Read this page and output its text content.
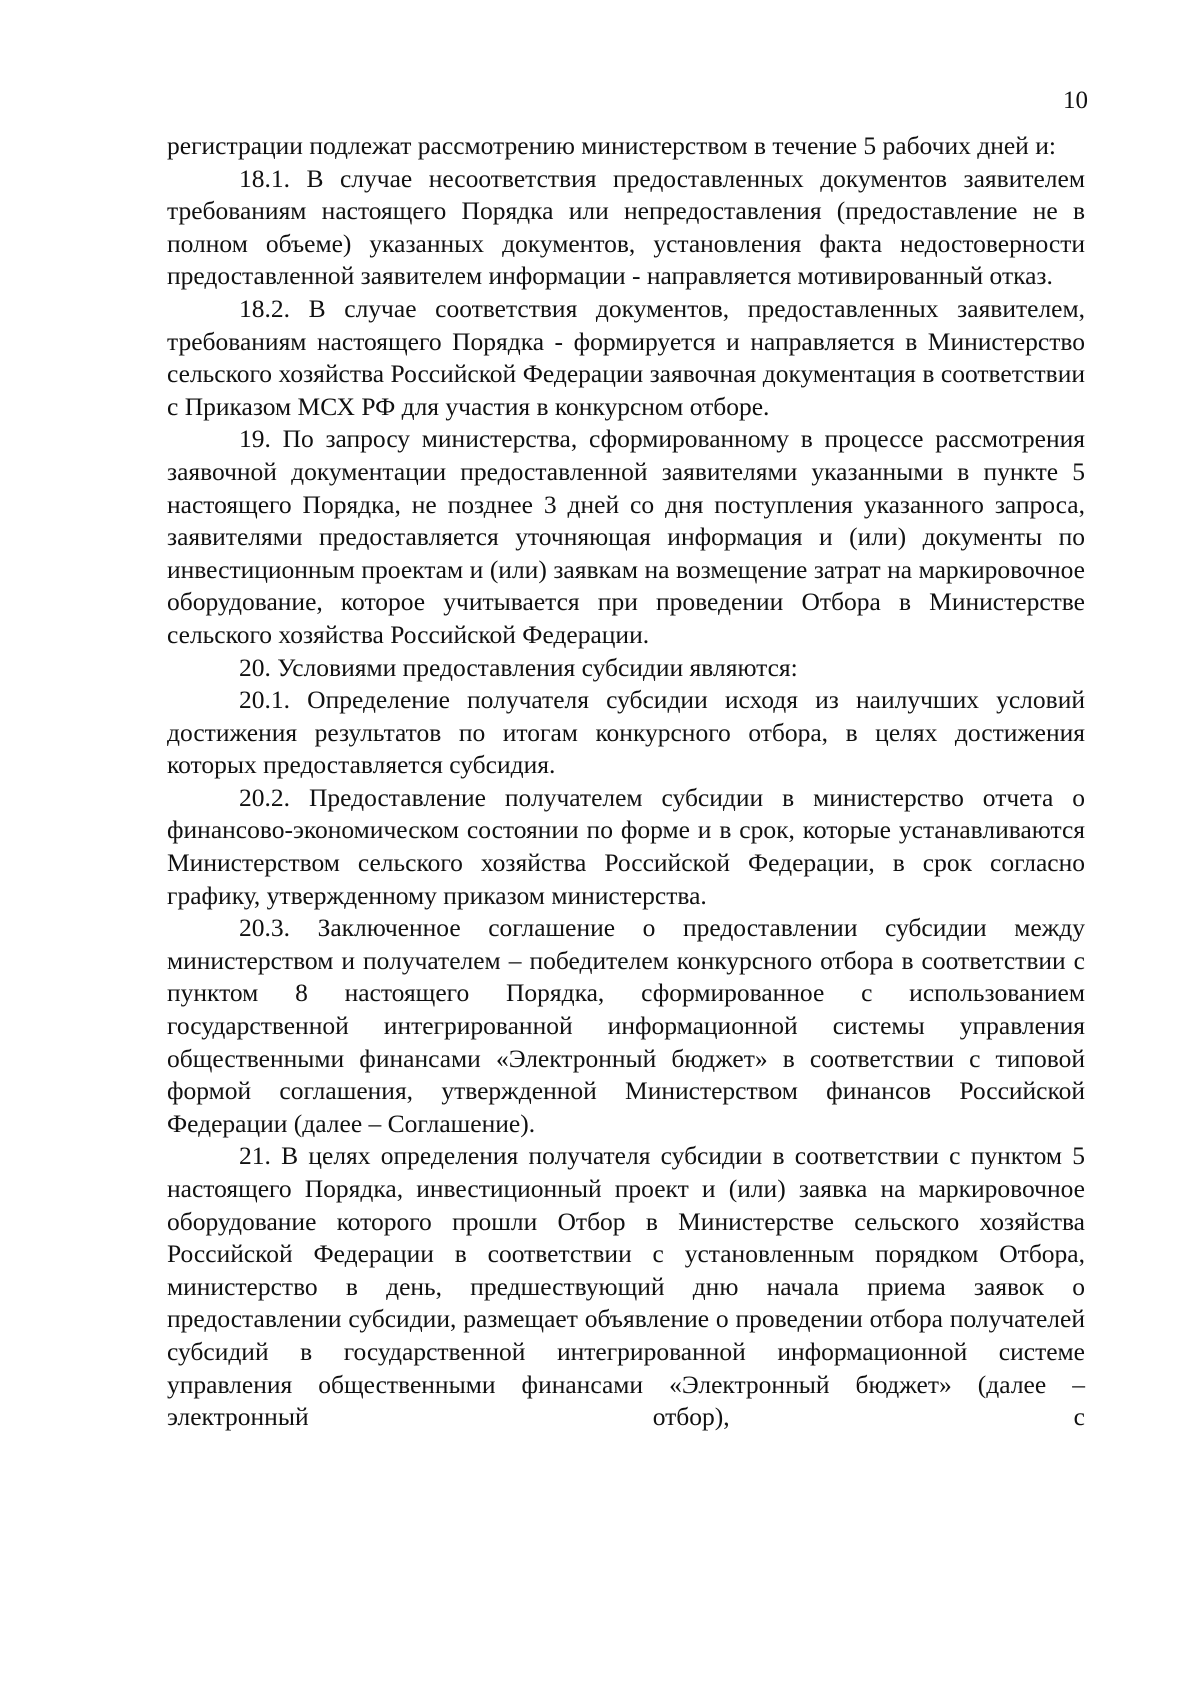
10

регистрации подлежат рассмотрению министерством в течение 5 рабочих дней и:

18.1. В случае несоответствия предоставленных документов заявителем требованиям настоящего Порядка или непредоставления (предоставление не в полном объеме) указанных документов, установления факта недостоверности предоставленной заявителем информации - направляется мотивированный отказ.

18.2. В случае соответствия документов, предоставленных заявителем, требованиям настоящего Порядка - формируется и направляется в Министерство сельского хозяйства Российской Федерации заявочная документация в соответствии с Приказом МСХ РФ для участия в конкурсном отборе.

19. По запросу министерства, сформированному в процессе рассмотрения заявочной документации предоставленной заявителями указанными в пункте 5 настоящего Порядка, не позднее 3 дней со дня поступления указанного запроса, заявителями предоставляется уточняющая информация и (или) документы по инвестиционным проектам и (или) заявкам на возмещение затрат на маркировочное оборудование, которое учитывается при проведении Отбора в Министерстве сельского хозяйства Российской Федерации.

20. Условиями предоставления субсидии являются:

20.1. Определение получателя субсидии исходя из наилучших условий достижения результатов по итогам конкурсного отбора, в целях достижения которых предоставляется субсидия.

20.2. Предоставление получателем субсидии в министерство отчета о финансово-экономическом состоянии по форме и в срок, которые устанавливаются Министерством сельского хозяйства Российской Федерации, в срок согласно графику, утвержденному приказом министерства.

20.3. Заключенное соглашение о предоставлении субсидии между министерством и получателем – победителем конкурсного отбора в соответствии с пунктом 8 настоящего Порядка, сформированное с использованием государственной интегрированной информационной системы управления общественными финансами «Электронный бюджет» в соответствии с типовой формой соглашения, утвержденной Министерством финансов Российской Федерации (далее – Соглашение).

21. В целях определения получателя субсидии в соответствии с пунктом 5 настоящего Порядка, инвестиционный проект и (или) заявка на маркировочное оборудование которого прошли Отбор в Министерстве сельского хозяйства Российской Федерации в соответствии с установленным порядком Отбора, министерство в день, предшествующий дню начала приема заявок о предоставлении субсидии, размещает объявление о проведении отбора получателей субсидий в государственной интегрированной информационной системе управления общественными финансами «Электронный бюджет» (далее – электронный отбор), с
